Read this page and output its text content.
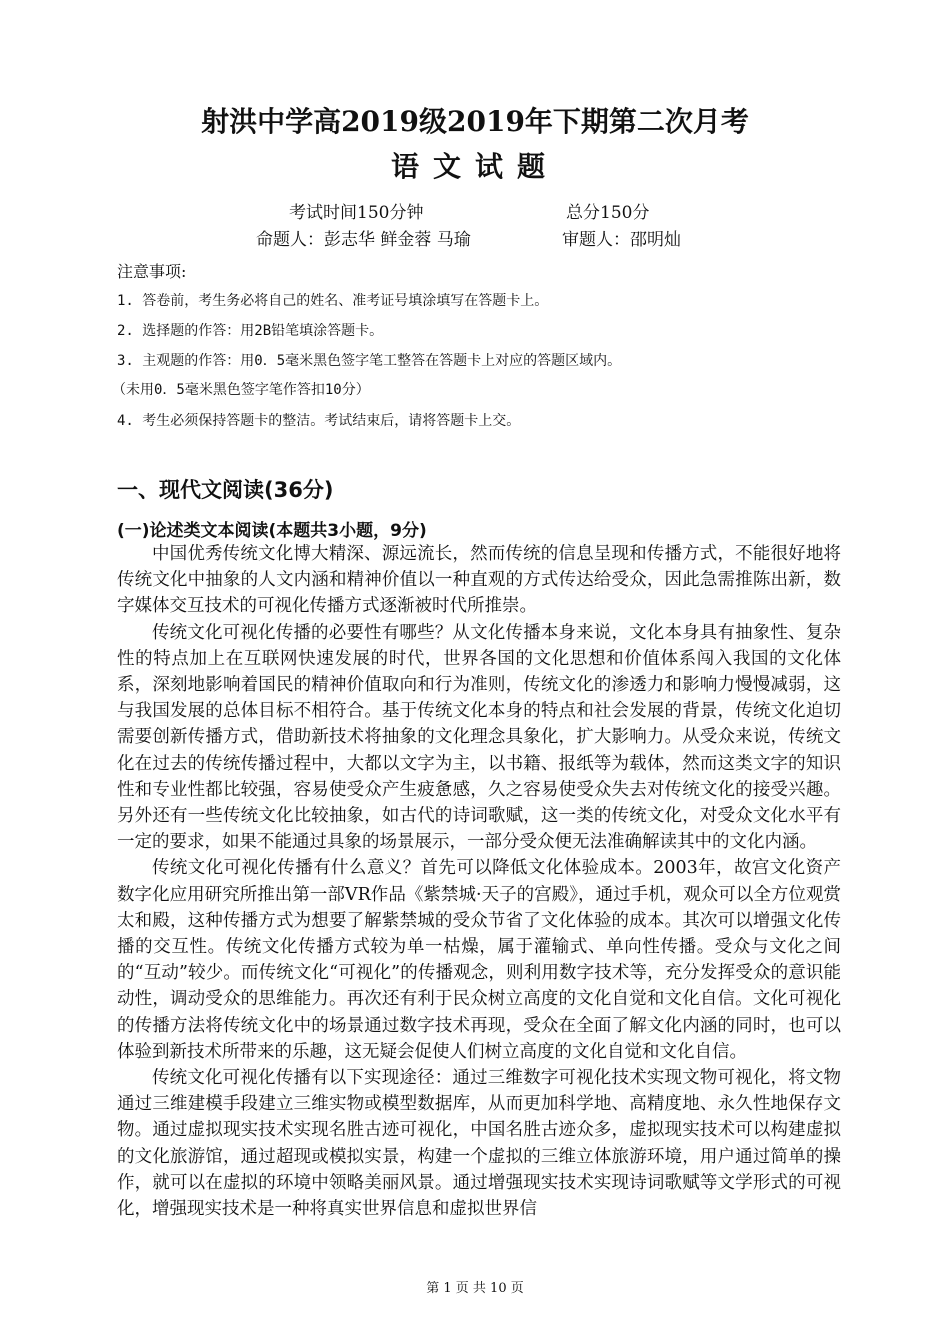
射洪中学高2019级2019年下期第二次月考
语文试题
考试时间150分钟	总分150分
命题人：彭志华 鲜金蓉 马瑜	审题人：邵明灿
注意事项:
1. 答卷前，考生务必将自己的姓名、准考证号填涂填写在答题卡上。
2. 选择题的作答：用2B铅笔填涂答题卡。
3. 主观题的作答：用0．5毫米黑色签字笔工整答在答题卡上对应的答题区域内。
（未用0．5毫米黑色签字笔作答扣10分）
4. 考生必须保持答题卡的整洁。考试结束后，请将答题卡上交。
一、现代文阅读(36分)
(一)论述类文本阅读(本题共3小题，9分)

中国优秀传统文化博大精深、源远流长，然而传统的信息呈现和传播方式，不能很好地将传统文化中抽象的人文内涵和精神价值以一种直观的方式传达给受众，因此急需推陈出新，数字媒体交互技术的可视化传播方式逐渐被时代所推崇。

传统文化可视化传播的必要性有哪些？从文化传播本身来说，文化本身具有抽象性、复杂性的特点加上在互联网快速发展的时代，世界各国的文化思想和价值体系闯入我国的文化体系，深刻地影响着国民的精神价值取向和行为准则，传统文化的渗透力和影响力慢慢减弱，这与我国发展的总体目标不相符合。基于传统文化本身的特点和社会发展的背景，传统文化迫切需要创新传播方式，借助新技术将抽象的文化理念具象化，扩大影响力。从受众来说，传统文化在过去的传统传播过程中，大都以文字为主，以书籍、报纸等为载体，然而这类文字的知识性和专业性都比较强，容易使受众产生疲惫感，久之容易使受众失去对传统文化的接受兴趣。另外还有一些传统文化比较抽象，如古代的诗词歌赋，这一类的传统文化，对受众文化水平有一定的要求，如果不能通过具象的场景展示，一部分受众便无法准确解读其中的文化内涵。

传统文化可视化传播有什么意义？首先可以降低文化体验成本。2003年，故宫文化资产数字化应用研究所推出第一部VR作品《紫禁城·天子的宫殿》，通过手机，观众可以全方位观赏太和殿，这种传播方式为想要了解紫禁城的受众节省了文化体验的成本。其次可以增强文化传播的交互性。传统文化传播方式较为单一枯燥，属于灌输式、单向性传播。受众与文化之间的“互动”较少。而传统文化“可视化”的传播观念，则利用数字技术等，充分发挥受众的意识能动性，调动受众的思维能力。再次还有利于民众树立高度的文化自觉和文化自信。文化可视化的传播方法将传统文化中的场景通过数字技术再现，受众在全面了解文化内涵的同时，也可以体验到新技术所带来的乐趣，这无疑会促使人们树立高度的文化自觉和文化自信。

传统文化可视化传播有以下实现途径：通过三维数字可视化技术实现文物可视化，将文物通过三维建模手段建立三维实物或模型数据库，从而更加科学地、高精度地、永久性地保存文物。通过虚拟现实技术实现名胜古迹可视化，中国名胜古迹众多，虚拟现实技术可以构建虚拟的文化旅游馆，通过超现或模拟实景，构建一个虚拟的三维立体旅游环境，用户通过简单的操作，就可以在虚拟的环境中领略美丽风景。通过增强现实技术实现诗词歌赋等文学形式的可视化，增强现实技术是一种将真实世界信息和虚拟世界信

第 1 页 共 10 页
